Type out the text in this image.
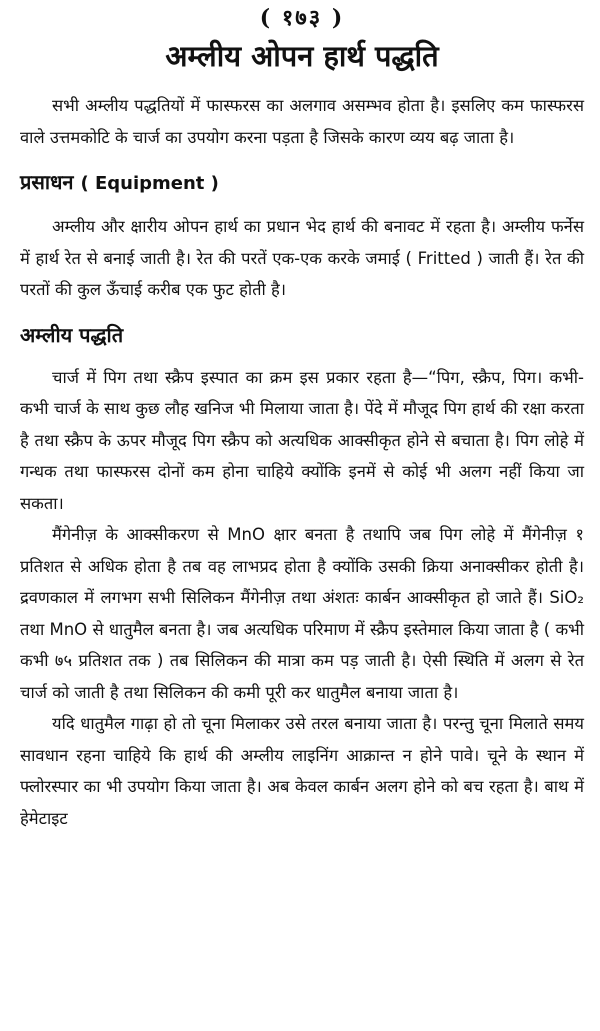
( १७३ )

अम्लीय ओपन हार्थ पद्धति

सभी अम्लीय पद्धतियों में फास्फरस का अलगाव असम्भव होता है। इसलिए कम फास्फरस वाले उत्तमकोटि के चार्ज का उपयोग करना पड़ता है जिसके कारण व्यय बढ़ जाता है।

प्रसाधन ( Equipment )

अम्लीय और क्षारीय ओपन हार्थ का प्रधान भेद हार्थ की बनावट में रहता है। अम्लीय फर्नेस में हार्थ रेत से बनाई जाती है। रेत की परतें एक-एक करके जमाई ( Fritted ) जाती हैं। रेत की परतों की कुल ऊँचाई करीब एक फुट होती है।

अम्लीय पद्धति

चार्ज में पिग तथा स्क्रैप इस्पात का क्रम इस प्रकार रहता है—“पिग, स्क्रैप, पिग। कभी-कभी चार्ज के साथ कुछ लौह खनिज भी मिलाया जाता है। पेंदे में मौजूद पिग हार्थ की रक्षा करता है तथा स्क्रैप के ऊपर मौजूद पिग स्क्रैप को अत्यधिक आक्सीकृत होने से बचाता है। पिग लोहे में गन्धक तथा फास्फरस दोनों कम होना चाहिये क्योंकि इनमें से कोई भी अलग नहीं किया जा सकता।

मैंगेनीज़ के आक्सीकरण से MnO क्षार बनता है तथापि जब पिग लोहे में मैंगेनीज़ १ प्रतिशत से अधिक होता है तब वह लाभप्रद होता है क्योंकि उसकी क्रिया अनाक्सीकर होती है। द्रवणकाल में लगभग सभी सिलिकन मैंगेनीज़ तथा अंशतः कार्बन आक्सीकृत हो जाते हैं। SiO₂ तथा MnO से धातुमैल बनता है। जब अत्यधिक परिमाण में स्क्रैप इस्तेमाल किया जाता है ( कभी कभी ७५ प्रतिशत तक ) तब सिलिकन की मात्रा कम पड़ जाती है। ऐसी स्थिति में अलग से रेत चार्ज को जाती है तथा सिलिकन की कमी पूरी कर धातुमैल बनाया जाता है।

यदि धातुमैल गाढ़ा हो तो चूना मिलाकर उसे तरल बनाया जाता है। परन्तु चूना मिलाते समय सावधान रहना चाहिये कि हार्थ की अम्लीय लाइनिंग आक्रान्त न होने पावे। चूने के स्थान में फ्लोरस्पार का भी उपयोग किया जाता है। अब केवल कार्बन अलग होने को बच रहता है। बाथ में हेमेटाइट
